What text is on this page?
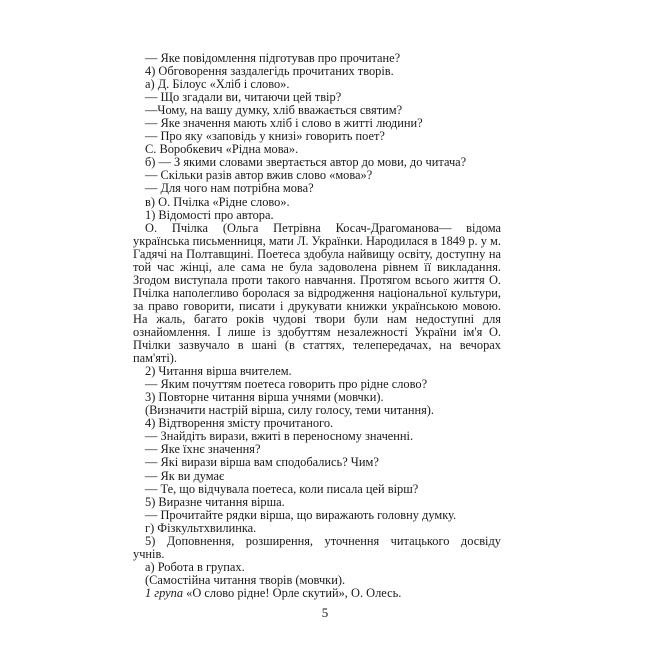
— Яке повідомлення підготував про прочитане?
4) Обговорення заздалегідь прочитаних творів.
а) Д. Білоус «Хліб і слово».
— Що згадали ви, читаючи цей твір?
—Чому, на вашу думку, хліб вважається святим?
— Яке значення мають хліб і слово в житті людини?
— Про яку «заповідь у книзі» говорить поет?
С. Воробкевич «Рідна мова».
б) — З якими словами звертається автор до мови, до читача?
— Скільки разів автор вжив слово «мова»?
— Для чого нам потрібна мова?
в) О. Пчілка «Рідне слово».
1) Відомості про автора.

О. Пчілка (Ольга Петрівна Косач-Драгоманова— відома українська письменниця, мати Л. Українки. Народилася в 1849 р. у м. Гадячі на Полтавщині. Поетеса здобула найвищу освіту, доступну на той час жінці, але сама не була задоволена рівнем її викладання. Згодом виступала проти такого навчання. Протягом всього життя О. Пчілка наполегливо боролася за відродження національної культури, за право говорити, писати і друкувати книжки українською мовою. На жаль, багато років чудові твори були нам недоступні для ознайомлення. І лише із здобуттям незалежності України ім'я О. Пчілки зазвучало в шані (в статтях, телепередачах, на вечорах пам'яті).

2) Читання вірша вчителем.
— Яким почуттям поетеса говорить про рідне слово?
3) Повторне читання вірша учнями (мовчки).
(Визначити настрій вірша, силу голосу, теми читання).
4) Відтворення змісту прочитаного.
— Знайдіть вирази, вжиті в переносному значенні.
— Яке їхнє значення?
— Які вирази вірша вам сподобались? Чим?
— Як ви думає
— Те, що відчувала поетеса, коли писала цей вірш?
5) Виразне читання вірша.
— Прочитайте рядки вірша, що виражають головну думку.
г) Фізкультхвилинка.

5) Доповнення, розширення, уточнення читацького досвіду учнів.

а) Робота в групах.
(Самостійна читання творів (мовчки).
1 група «О слово рідне! Орле скутий», О. Олесь.
5
